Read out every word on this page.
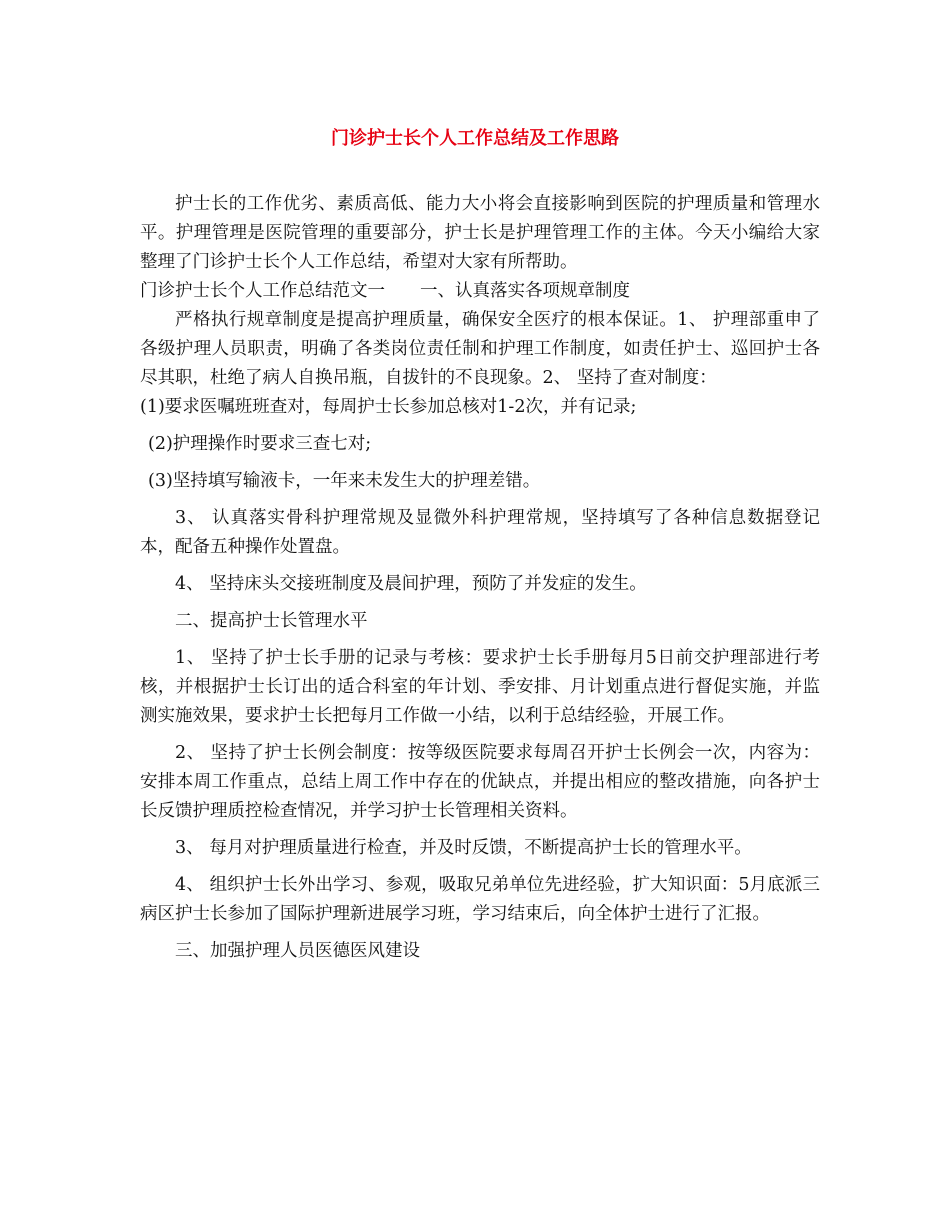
门诊护士长个人工作总结及工作思路

护士长的工作优劣、素质高低、能力大小将会直接影响到医院的护理质量和管理水平。护理管理是医院管理的重要部分，护士长是护理管理工作的主体。今天小编给大家整理了门诊护士长个人工作总结，希望对大家有所帮助。

门诊护士长个人工作总结范文一　　一、认真落实各项规章制度

严格执行规章制度是提高护理质量，确保安全医疗的根本保证。1、 护理部重申了各级护理人员职责，明确了各类岗位责任制和护理工作制度，如责任护士、巡回护士各尽其职，杜绝了病人自换吊瓶，自拔针的不良现象。2、 坚持了查对制度：

(1)要求医嘱班班查对，每周护士长参加总核对1-2次，并有记录;

(2)护理操作时要求三查七对;

(3)坚持填写输液卡，一年来未发生大的护理差错。

3、 认真落实骨科护理常规及显微外科护理常规，坚持填写了各种信息数据登记本，配备五种操作处置盘。

4、 坚持床头交接班制度及晨间护理，预防了并发症的发生。

二、提高护士长管理水平

1、 坚持了护士长手册的记录与考核：要求护士长手册每月5日前交护理部进行考核，并根据护士长订出的适合科室的年计划、季安排、月计划重点进行督促实施，并监测实施效果，要求护士长把每月工作做一小结，以利于总结经验，开展工作。

2、 坚持了护士长例会制度：按等级医院要求每周召开护士长例会一次，内容为：安排本周工作重点，总结上周工作中存在的优缺点，并提出相应的整改措施，向各护士长反馈护理质控检查情况，并学习护士长管理相关资料。

3、 每月对护理质量进行检查，并及时反馈，不断提高护士长的管理水平。

4、 组织护士长外出学习、参观，吸取兄弟单位先进经验，扩大知识面：5月底派三病区护士长参加了国际护理新进展学习班，学习结束后，向全体护士进行了汇报。

三、加强护理人员医德医风建设
